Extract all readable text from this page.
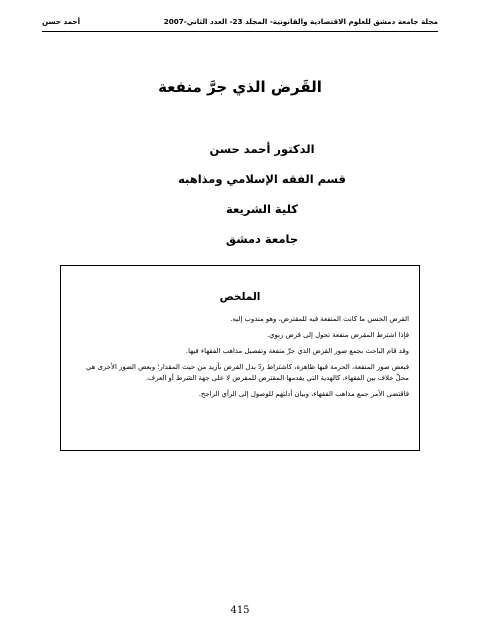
مجلة جامعة دمشق للعلوم الاقتصادية والقانونية- المجلد 23- العدد الثاني-2007
أحمد حسن
القَرض الذي جرَّ منفعة
الدكتور أحمد حسن
قسم الفقه الإسلامي ومذاهبه
كلية الشريعة
جامعة دمشق
الملخص

القرض الحسن ما كانت المنفعة فيه للمقترض، وهو مندوب إليه.

فإذا اشترط المقرض منفعة تحول إلى قرض ربوي.

وقد قام الباحث بجمع صور القرض الذي جرَّ منفعة وتفصيل مذاهب الفقهاء فيها.

فبعض صور المنفعة، الحرمة فيها ظاهرة، كاشتراط ردّ بدل القرض بأزيد من حيث المقدار؛ وبعض الصور الأخرى هي محلّ خلاف بين الفقهاء، كالهدية التي يقدمها المقترض للمقرض لا على جهة الشرط أو العرف.

فاقتضى الأمر جمع مذاهب الفقهاء، وبيان أدلتهم للوصول إلى الرأي الراجح.

415
